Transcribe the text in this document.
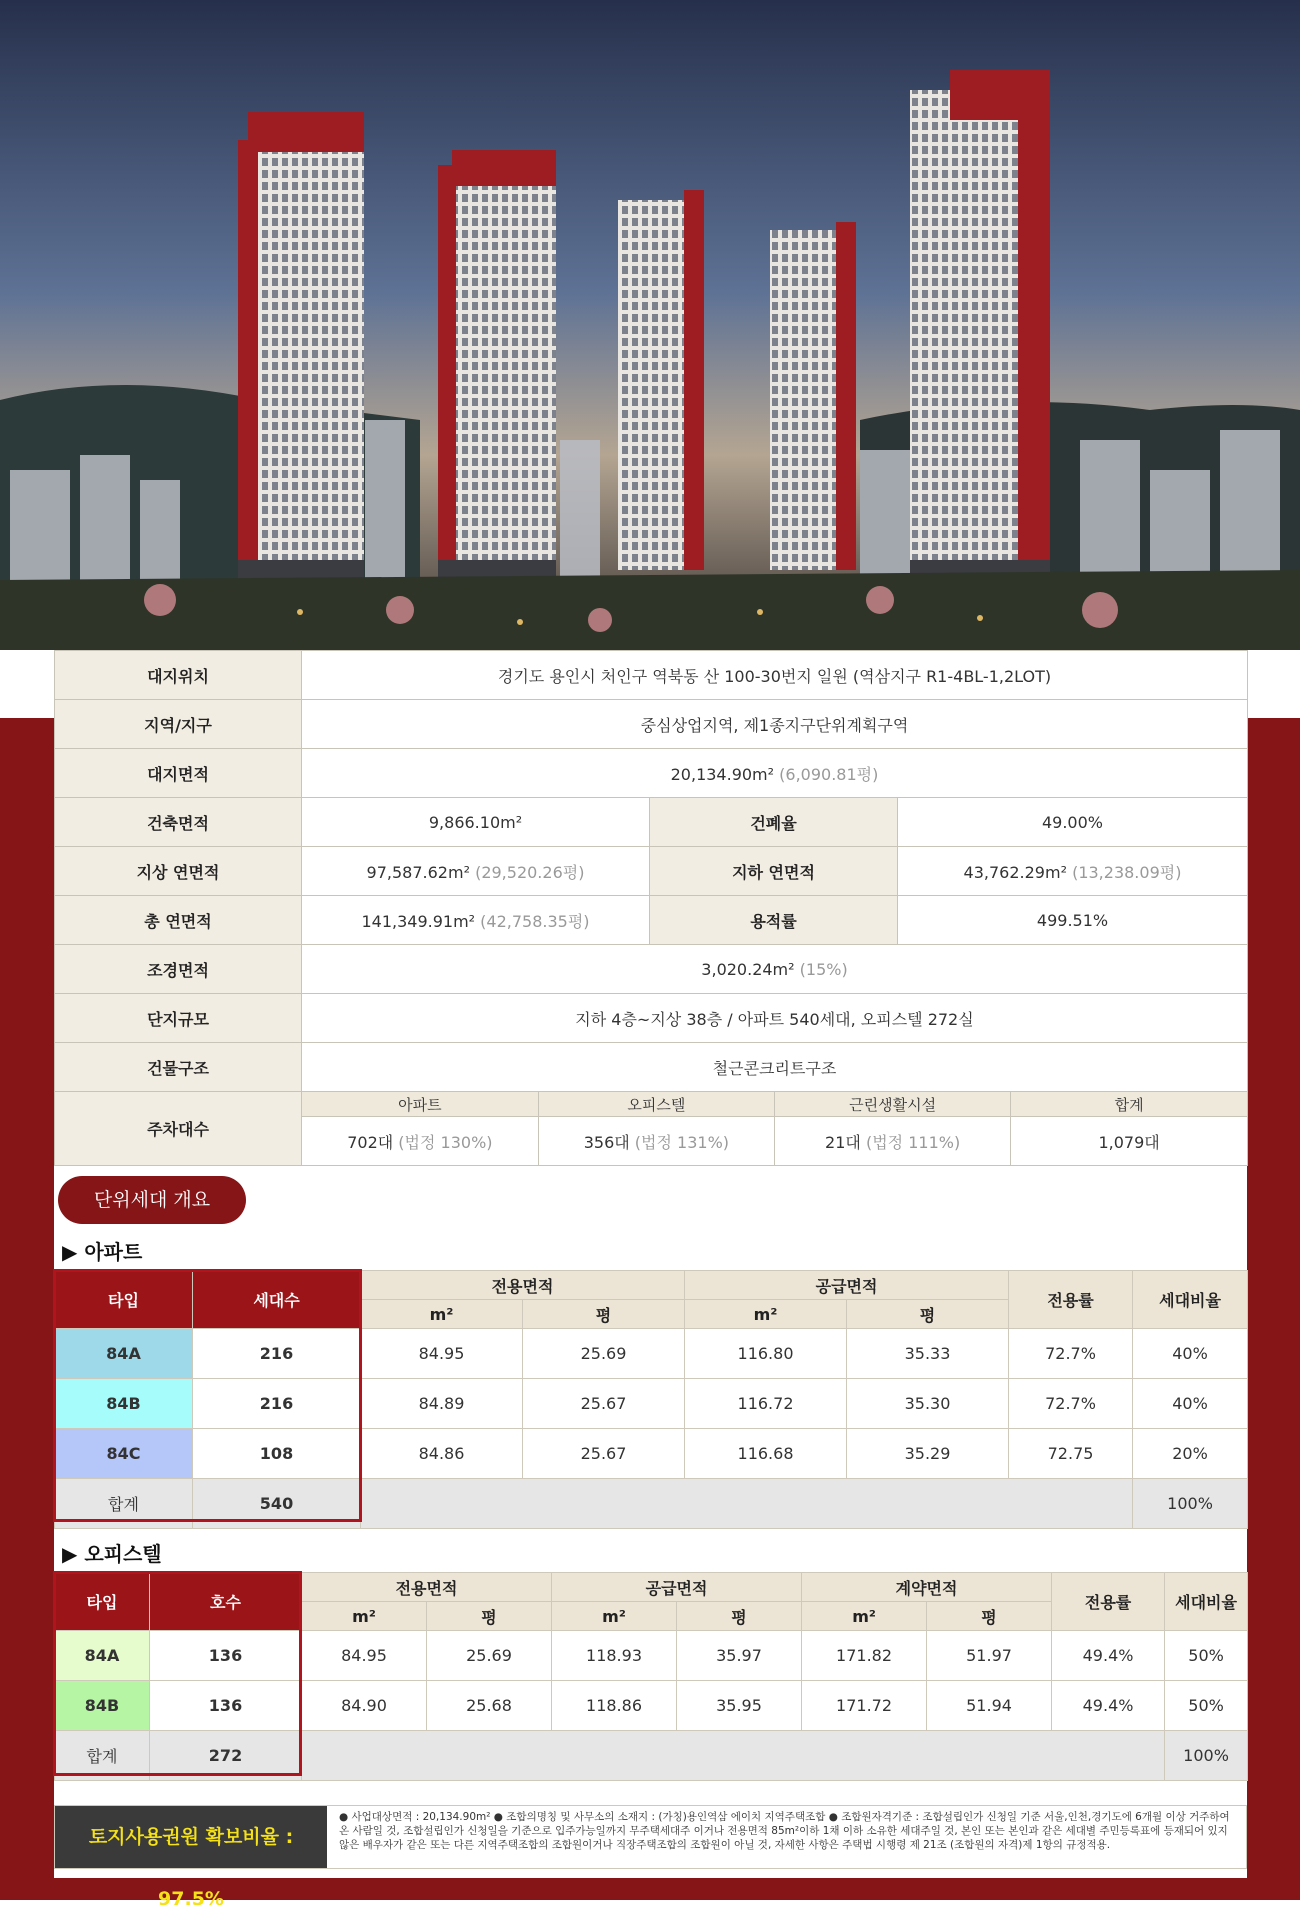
대지위치	경기도 용인시 처인구 역북동 산 100-30번지 일원 (역삼지구 R1-4BL-1,2LOT)
지역/지구	중심상업지역, 제1종지구단위계획구역
대지면적	20,134.90m² (6,090.81평)
건축면적	9,866.10m²	건폐율	49.00%
지상 연면적	97,587.62m² (29,520.26평)	지하 연면적	43,762.29m² (13,238.09평)
총 연면적	141,349.91m² (42,758.35평)	용적률	499.51%
조경면적	3,020.24m² (15%)
단지규모	지하 4층~지상 38층 / 아파트 540세대, 오피스텔 272실
건물구조	철근콘크리트구조
주차대수	
아파트	오피스텔	근린생활시설	합계
702대 (법정 130%)	356대 (법정 131%)	21대 (법정 111%)	1,079대
단위세대 개요
▶ 아파트
타입	세대수	전용면적		공급면적		전용률	세대비율
		m²	평	m²	평		
84A	216	84.95	25.69	116.80	35.33	72.7%	40%
84B	216	84.89	25.67	116.72	35.30	72.7%	40%
84C	108	84.86	25.67	116.68	35.29	72.75	20%
합계	540						100%
▶ 오피스텔
타입	호수	전용면적		공급면적		계약면적		전용률	세대비율
		m²	평	m²	평	m²	평		
84A	136	84.95	25.69	118.93	35.97	171.82	51.97	49.4%	50%
84B	136	84.90	25.68	118.86	35.95	171.72	51.94	49.4%	50%
합계	272								100%
토지사용권원 확보비율 : 97.5%
● 사업대상면적 : 20,134.90m² ● 조합의명칭 및 사무소의 소재지 : (가칭)용인역삼 에이치 지역주택조합 ● 조합원자격기준 : 조합설립인가 신청일 기준 서울,인천,경기도에 6개월 이상 거주하여 온 사람일 것, 조합설립인가 신청일을 기준으로 입주가능일까지 무주택세대주 이거나 전용면적 85m²이하 1채 이하 소유한 세대주일 것, 본인 또는 본인과 같은 세대별 주민등록표에 등재되어 있지 않은 배우자가 같은 또는 다른 지역주택조합의 조합원이거나 직장주택조합의 조합원이 아닐 것, 자세한 사항은 주택법 시행령 제 21조 (조합원의 자격)제 1항의 규정적용.
